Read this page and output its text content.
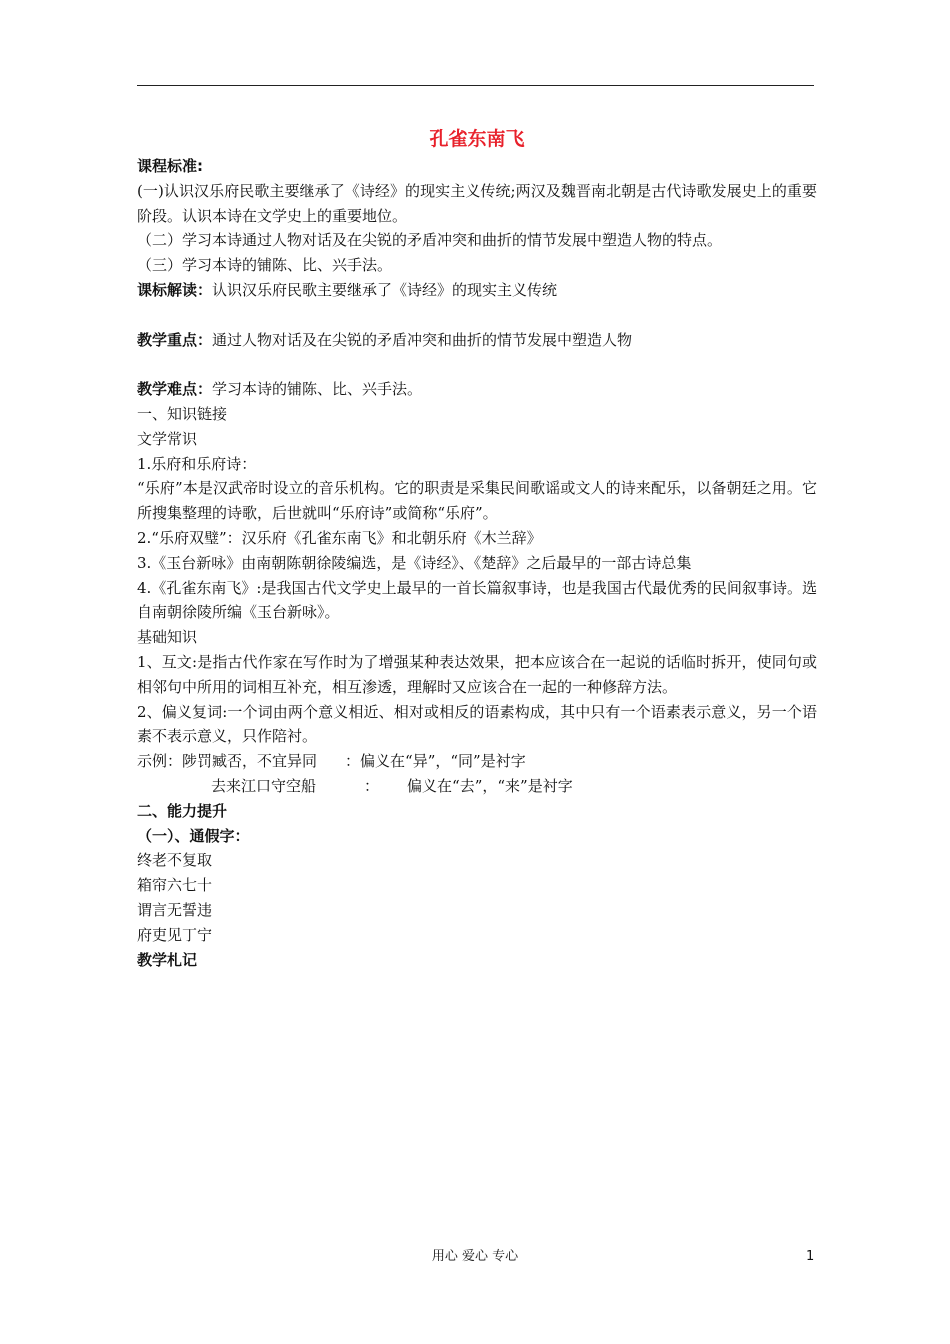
孔雀东南飞
课程标准:
(一)认识汉乐府民歌主要继承了《诗经》的现实主义传统;两汉及魏晋南北朝是古代诗歌发展史上的重要阶段。认识本诗在文学史上的重要地位。
（二）学习本诗通过人物对话及在尖锐的矛盾冲突和曲折的情节发展中塑造人物的特点。
（三）学习本诗的铺陈、比、兴手法。
课标解读：认识汉乐府民歌主要继承了《诗经》的现实主义传统
教学重点：通过人物对话及在尖锐的矛盾冲突和曲折的情节发展中塑造人物
教学难点：学习本诗的铺陈、比、兴手法。
一、知识链接
文学常识
1.乐府和乐府诗：
“乐府”本是汉武帝时设立的音乐机构。它的职责是采集民间歌谣或文人的诗来配乐，以备朝廷之用。它所搜集整理的诗歌，后世就叫“乐府诗”或简称“乐府”。
2.“乐府双璧”：汉乐府《孔雀东南飞》和北朝乐府《木兰辞》
3.《玉台新咏》由南朝陈朝徐陵编选，是《诗经》、《楚辞》之后最早的一部古诗总集
4.《孔雀东南飞》:是我国古代文学史上最早的一首长篇叙事诗，也是我国古代最优秀的民间叙事诗。选自南朝徐陵所编《玉台新咏》。
基础知识
1、互文:是指古代作家在写作时为了增强某种表达效果，把本应该合在一起说的话临时拆开，使同句或相邻句中所用的词相互补充，相互渗透，理解时又应该合在一起的一种修辞方法。
2、偏义复词:一个词由两个意义相近、相对或相反的语素构成，其中只有一个语素表示意义，另一个语素不表示意义，只作陪衬。
示例：陟罚臧否，不宜异同 ：偏义在“异”，“同”是衬字
去来江口守空船	： 偏义在“去”，“来”是衬字
二、能力提升
（一）、通假字：
终老不复取
箱帘六七十
谓言无誓违
府吏见丁宁
教学札记
用心 爱心 专心	1
